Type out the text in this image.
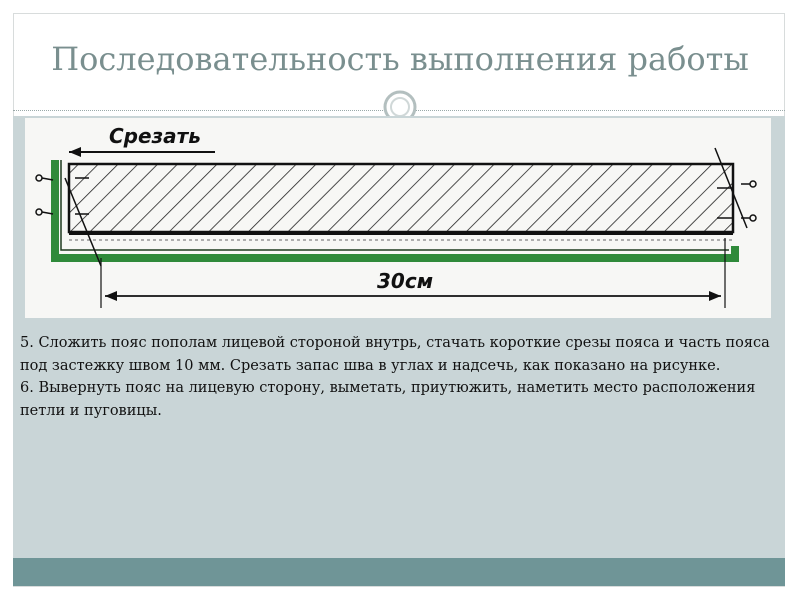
Последовательность выполнения работы
Срезать
30см

5. Сложить пояс пополам лицевой стороной внутрь, стачать короткие срезы пояса и часть пояса под застежку швом 10 мм. Срезать запас шва в углах и надсечь, как показано на рисунке.

6. Вывернуть пояс на лицевую сторону, выметать, приутюжить, наметить место расположения петли и пуговицы.
